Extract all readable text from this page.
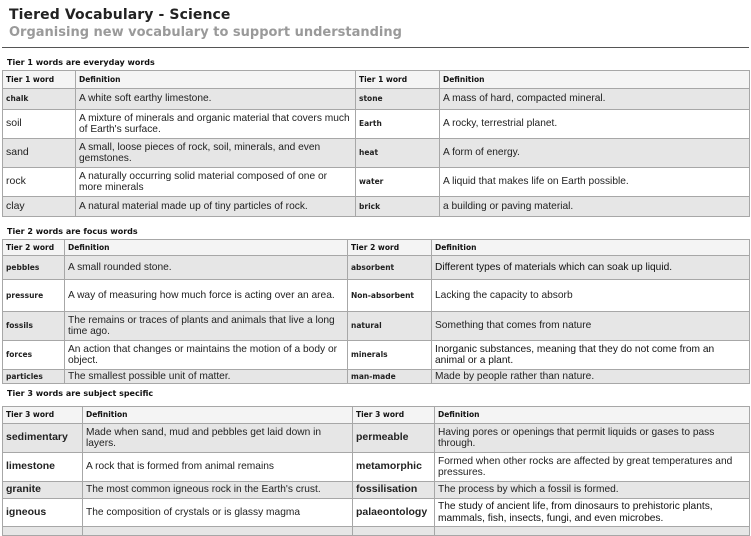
Tiered Vocabulary - Science
Organising new vocabulary to support understanding
Tier 1 words are everyday words
Tier 1 word	Definition	Tier 1 word	Definition
chalk	A white soft earthy limestone.	stone	A mass of hard, compacted mineral.
soil	A mixture of minerals and organic material that covers much of Earth's surface.	Earth	A rocky, terrestrial planet.
sand	A small, loose pieces of rock, soil, minerals, and even gemstones.	heat	A form of energy.
rock	A naturally occurring solid material composed of one or more minerals	water	A liquid that makes life on Earth possible.
clay	A natural material made up of tiny particles of rock.	brick	a building or paving material.
Tier 2 words are focus words
Tier 2 word	Definition	Tier 2 word	Definition
pebbles	A small rounded stone.	absorbent	Different types of materials which can soak up liquid.
pressure	A way of measuring how much force is acting over an area.	Non-absorbent	Lacking the capacity to absorb
fossils	The remains or traces of plants and animals that live a long time ago.	natural	Something that comes from nature
forces	An action that changes or maintains the motion of a body or object.	minerals	Inorganic substances, meaning that they do not come from an animal or a plant.
particles	The smallest possible unit of matter.	man-made	Made by people rather than nature.
Tier 3 words are subject specific
Tier 3 word	Definition	Tier 3 word	Definition
sedimentary	Made when sand, mud and pebbles get laid down in layers.	permeable	Having pores or openings that permit liquids or gases to pass through.
limestone	A rock that is formed from animal remains	metamorphic	Formed when other rocks are affected by great temperatures and pressures.
granite	The most common igneous rock in the Earth's crust.	fossilisation	The process by which a fossil is formed.
igneous	The composition of crystals or is glassy magma	palaeontology	The study of ancient life, from dinosaurs to prehistoric plants, mammals, fish, insects, fungi, and even microbes.
